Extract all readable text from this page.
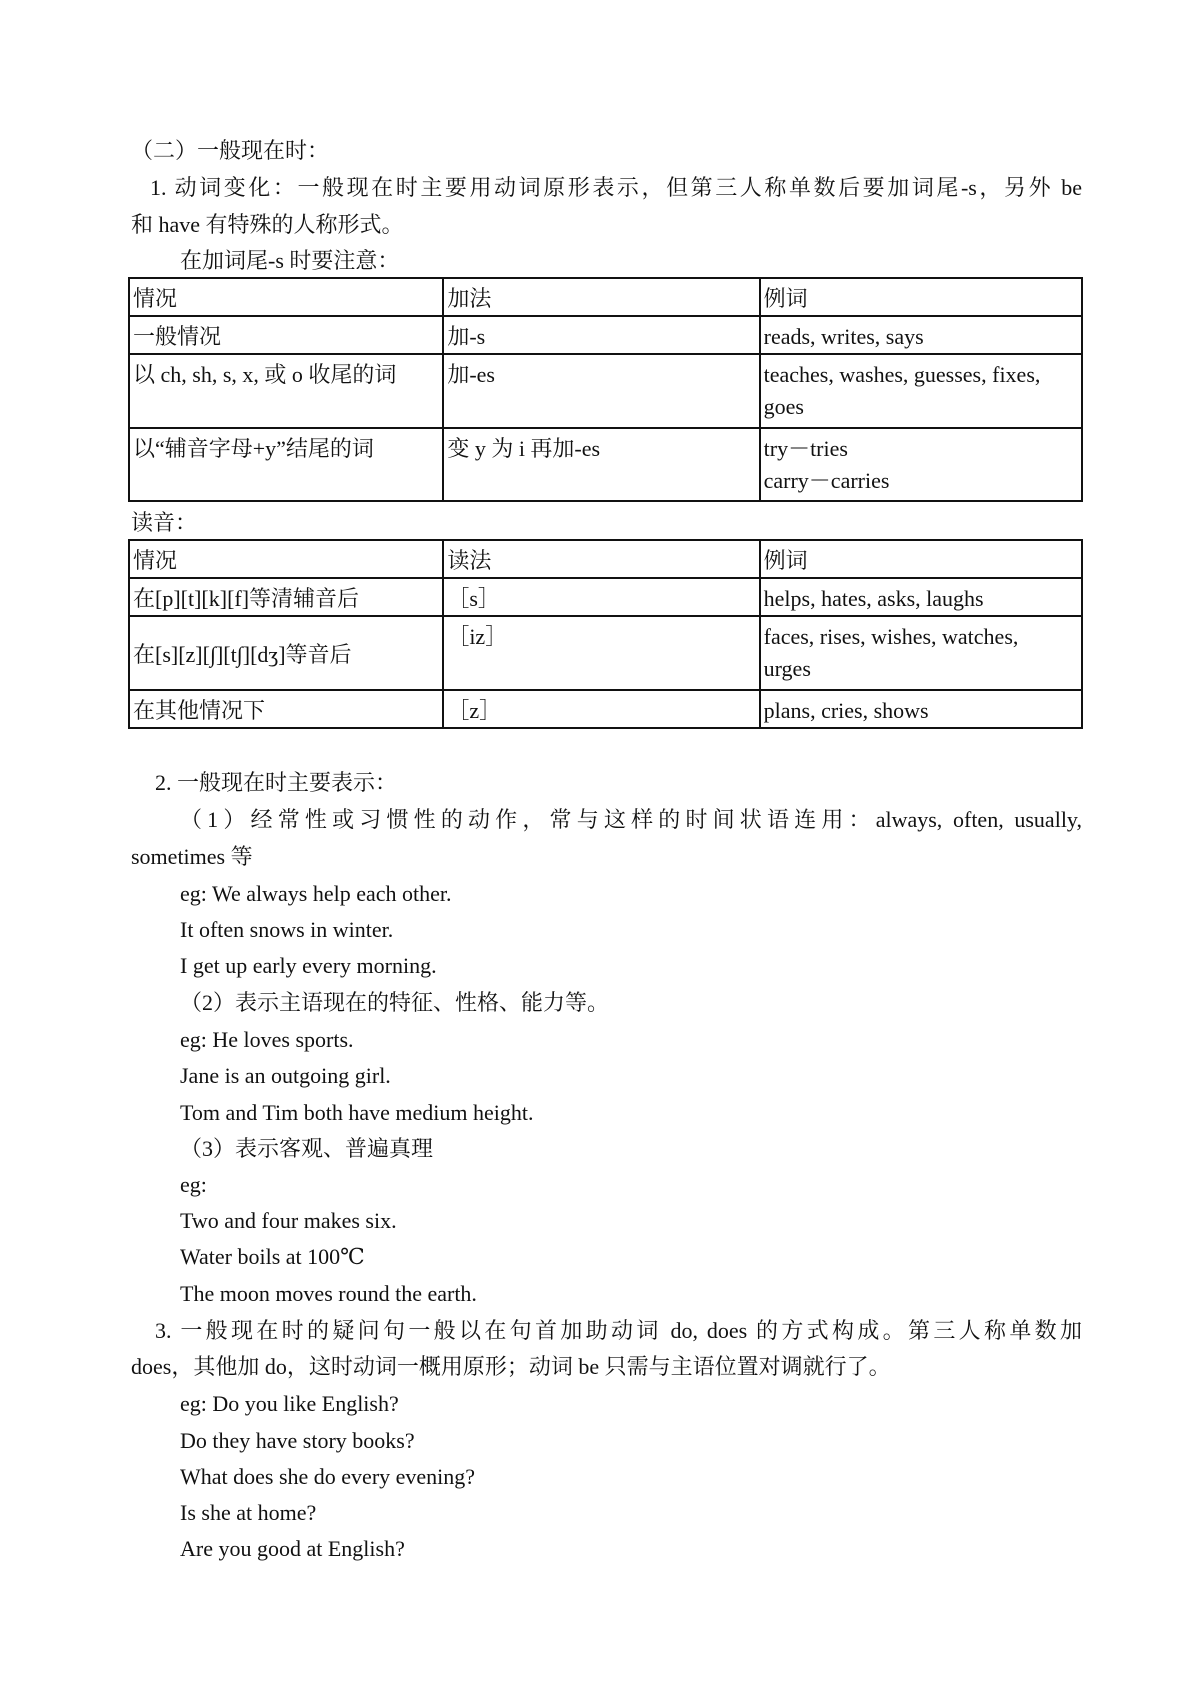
（二）一般现在时：
1. 动词变化：一般现在时主要用动词原形表示，但第三人称单数后要加词尾-s，另外 be
和 have 有特殊的人称形式。
在加词尾-s 时要注意：
情况	加法	例词
一般情况	加-s	reads, writes, says

以 ch, sh, s, x, 或 o 收尾的词	加-es	teaches, washes, guesses, fixes,
goes

以“辅音字母+y”结尾的词	变 y 为 i 再加-es	try－tries
carry－carries
读音：
情况	读法	例词
在[p][t][k][f]等清辅音后	［s］	helps, hates, asks, laughs

在[s][z][∫][t∫][dʒ]等音后	［iz］	faces, rises, wishes, watches,
urges

在其他情况下	［z］	plans, cries, shows
2. 一般现在时主要表示：
（1）经常性或习惯性的动作，常与这样的时间状语连用：always, often, usually,
sometimes 等
eg: We always help each other.
It often snows in winter.
I get up early every morning.
（2）表示主语现在的特征、性格、能力等。
eg: He loves sports.
Jane is an outgoing girl.
Tom and Tim both have medium height.
（3）表示客观、普遍真理
eg:
Two and four makes six.
Water boils at 100℃
The moon moves round the earth.
3. 一般现在时的疑问句一般以在句首加助动词 do, does 的方式构成。第三人称单数加
does，其他加 do，这时动词一概用原形；动词 be 只需与主语位置对调就行了。
eg: Do you like English?
Do they have story books?
What does she do every evening?
Is she at home?
Are you good at English?
